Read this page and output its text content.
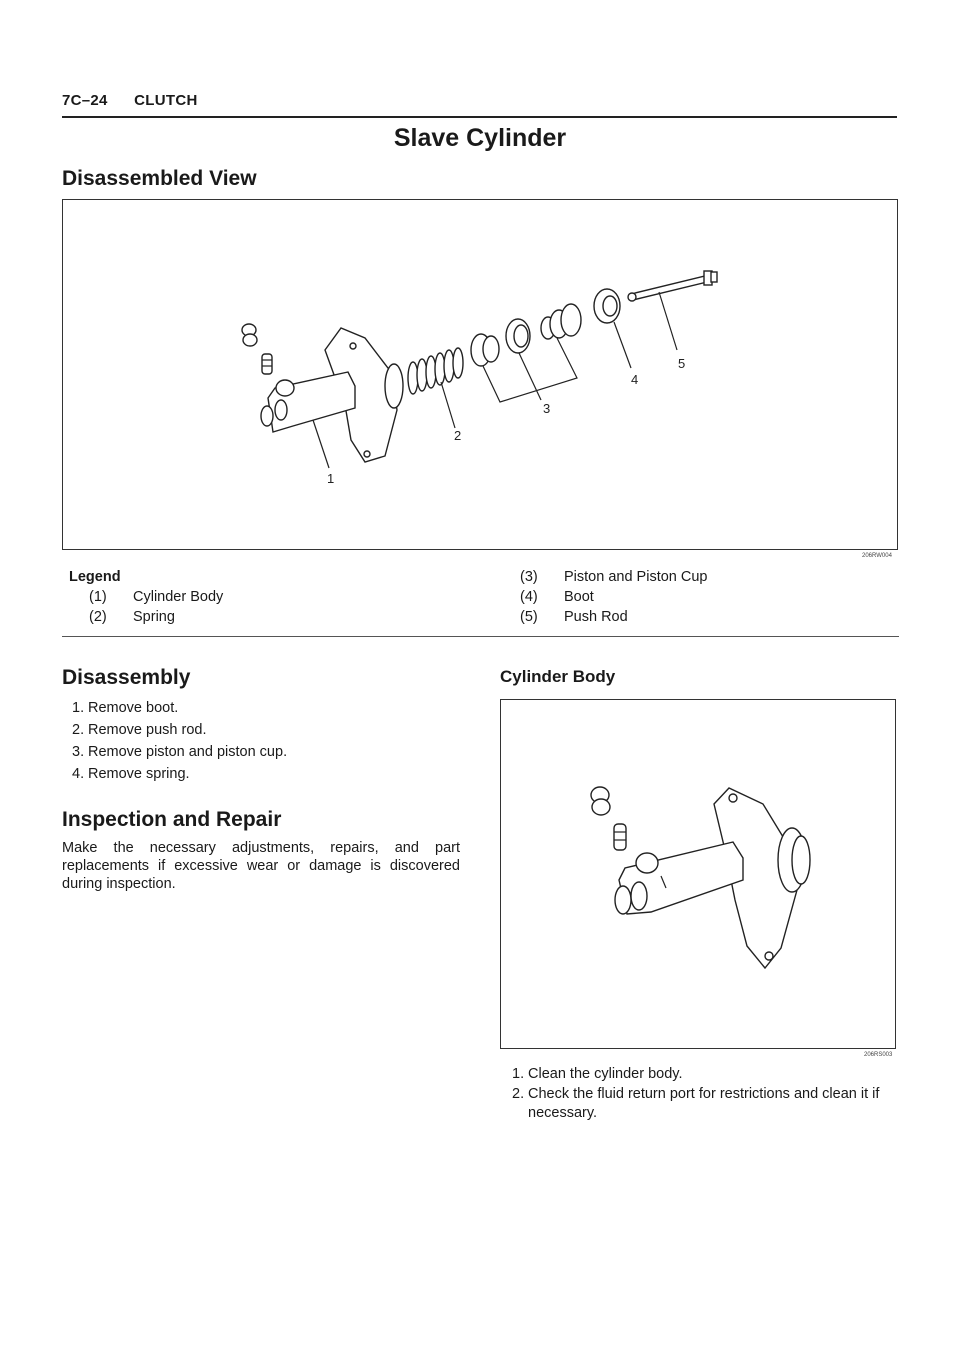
7C–24 CLUTCH
Slave Cylinder
Disassembled View
1
2
3
4
5
206RW004
Legend
(1) Cylinder Body
(2) Spring
(3) Piston and Piston Cup
(4) Boot
(5) Push Rod
Disassembly
1. Remove boot.
2. Remove push rod.
3. Remove piston and piston cup.
4. Remove spring.
Inspection and Repair
Make the necessary adjustments, repairs, and part replacements if excessive wear or damage is discovered during inspection.
Cylinder Body
206RS003
1. Clean the cylinder body.
2. Check the fluid return port for restrictions and clean it if necessary.
